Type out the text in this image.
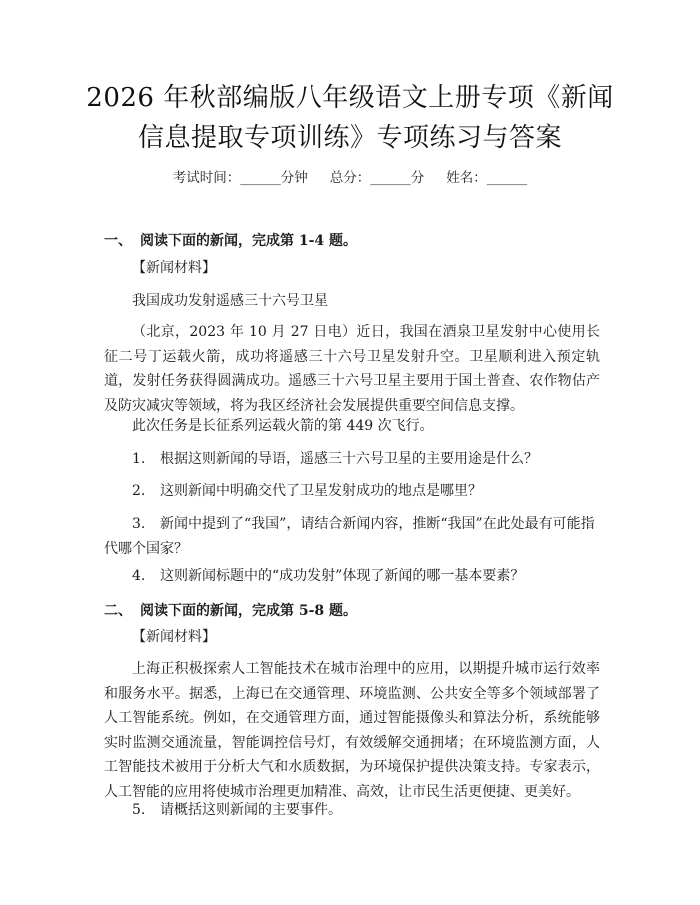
2026 年秋部编版八年级语文上册专项《新闻
信息提取专项训练》专项练习与答案
考试时间：______分钟 总分：______分 姓名：______
一、 阅读下面的新闻，完成第 1-4 题。
【新闻材料】
我国成功发射遥感三十六号卫星
（北京，2023 年 10 月 27 日电）近日，我国在酒泉卫星发射中心使用长征二号丁运载火箭，成功将遥感三十六号卫星发射升空。卫星顺利进入预定轨道，发射任务获得圆满成功。遥感三十六号卫星主要用于国土普查、农作物估产及防灾减灾等领域，将为我区经济社会发展提供重要空间信息支撑。
此次任务是长征系列运载火箭的第 449 次飞行。
1. 根据这则新闻的导语，遥感三十六号卫星的主要用途是什么？
2. 这则新闻中明确交代了卫星发射成功的地点是哪里？
3. 新闻中提到了“我国”，请结合新闻内容，推断“我国”在此处最有可能指代哪个国家？
4. 这则新闻标题中的“成功发射”体现了新闻的哪一基本要素？
二、 阅读下面的新闻，完成第 5-8 题。
【新闻材料】
上海正积极探索人工智能技术在城市治理中的应用，以期提升城市运行效率和服务水平。据悉，上海已在交通管理、环境监测、公共安全等多个领域部署了人工智能系统。例如，在交通管理方面，通过智能摄像头和算法分析，系统能够实时监测交通流量，智能调控信号灯，有效缓解交通拥堵；在环境监测方面，人工智能技术被用于分析大气和水质数据，为环境保护提供决策支持。专家表示，人工智能的应用将使城市治理更加精准、高效，让市民生活更便捷、更美好。
5. 请概括这则新闻的主要事件。
